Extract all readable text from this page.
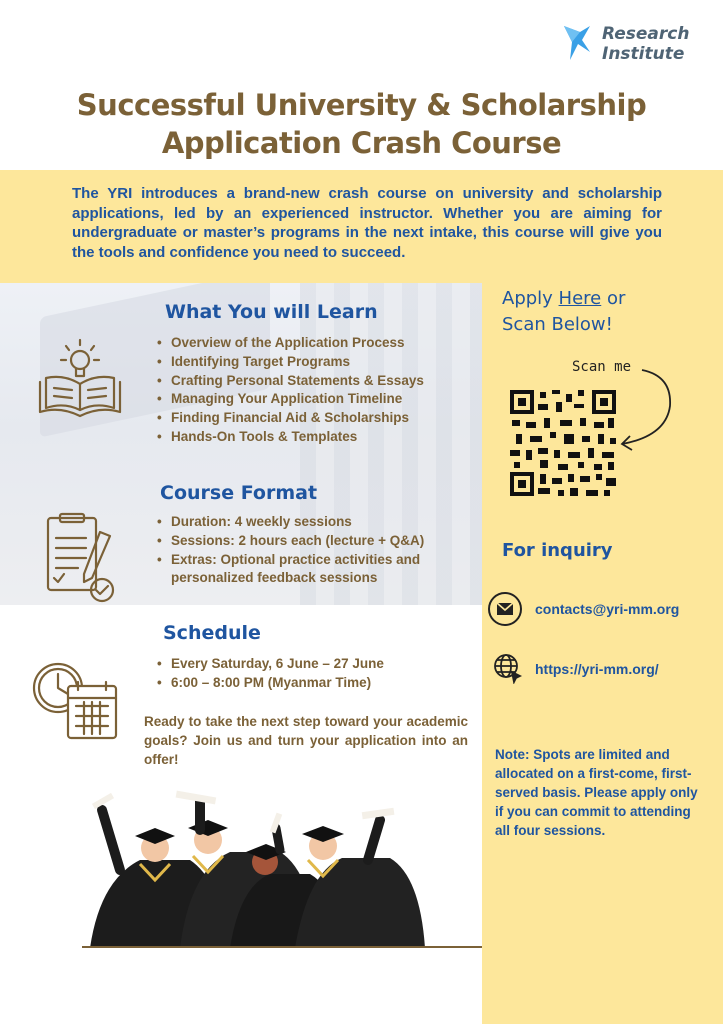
Research
Institute
Successful University & Scholarship
Application Crash Course
The YRI introduces a brand-new crash course on university and scholarship applications, led by an experienced instructor. Whether you are aiming for undergraduate or master’s programs in the next intake, this course will give you the tools and confidence you need to succeed.
What You will Learn
• Overview of the Application Process
• Identifying Target Programs
• Crafting Personal Statements & Essays
• Managing Your Application Timeline
• Finding Financial Aid & Scholarships
• Hands-On Tools & Templates
Course Format
• Duration: 4 weekly sessions
• Sessions: 2 hours each (lecture + Q&A)
• Extras: Optional practice activities and personalized feedback sessions
Schedule
• Every Saturday, 6 June – 27 June
• 6:00 – 8:00 PM (Myanmar Time)
Ready to take the next step toward your academic goals? Join us and turn your application into an offer!
Apply Here or
Scan Below!
Scan me
For inquiry
contacts@yri-mm.org
https://yri-mm.org/
Note: Spots are limited and allocated on a first-come, first-served basis. Please apply only if you can commit to attending all four sessions.
